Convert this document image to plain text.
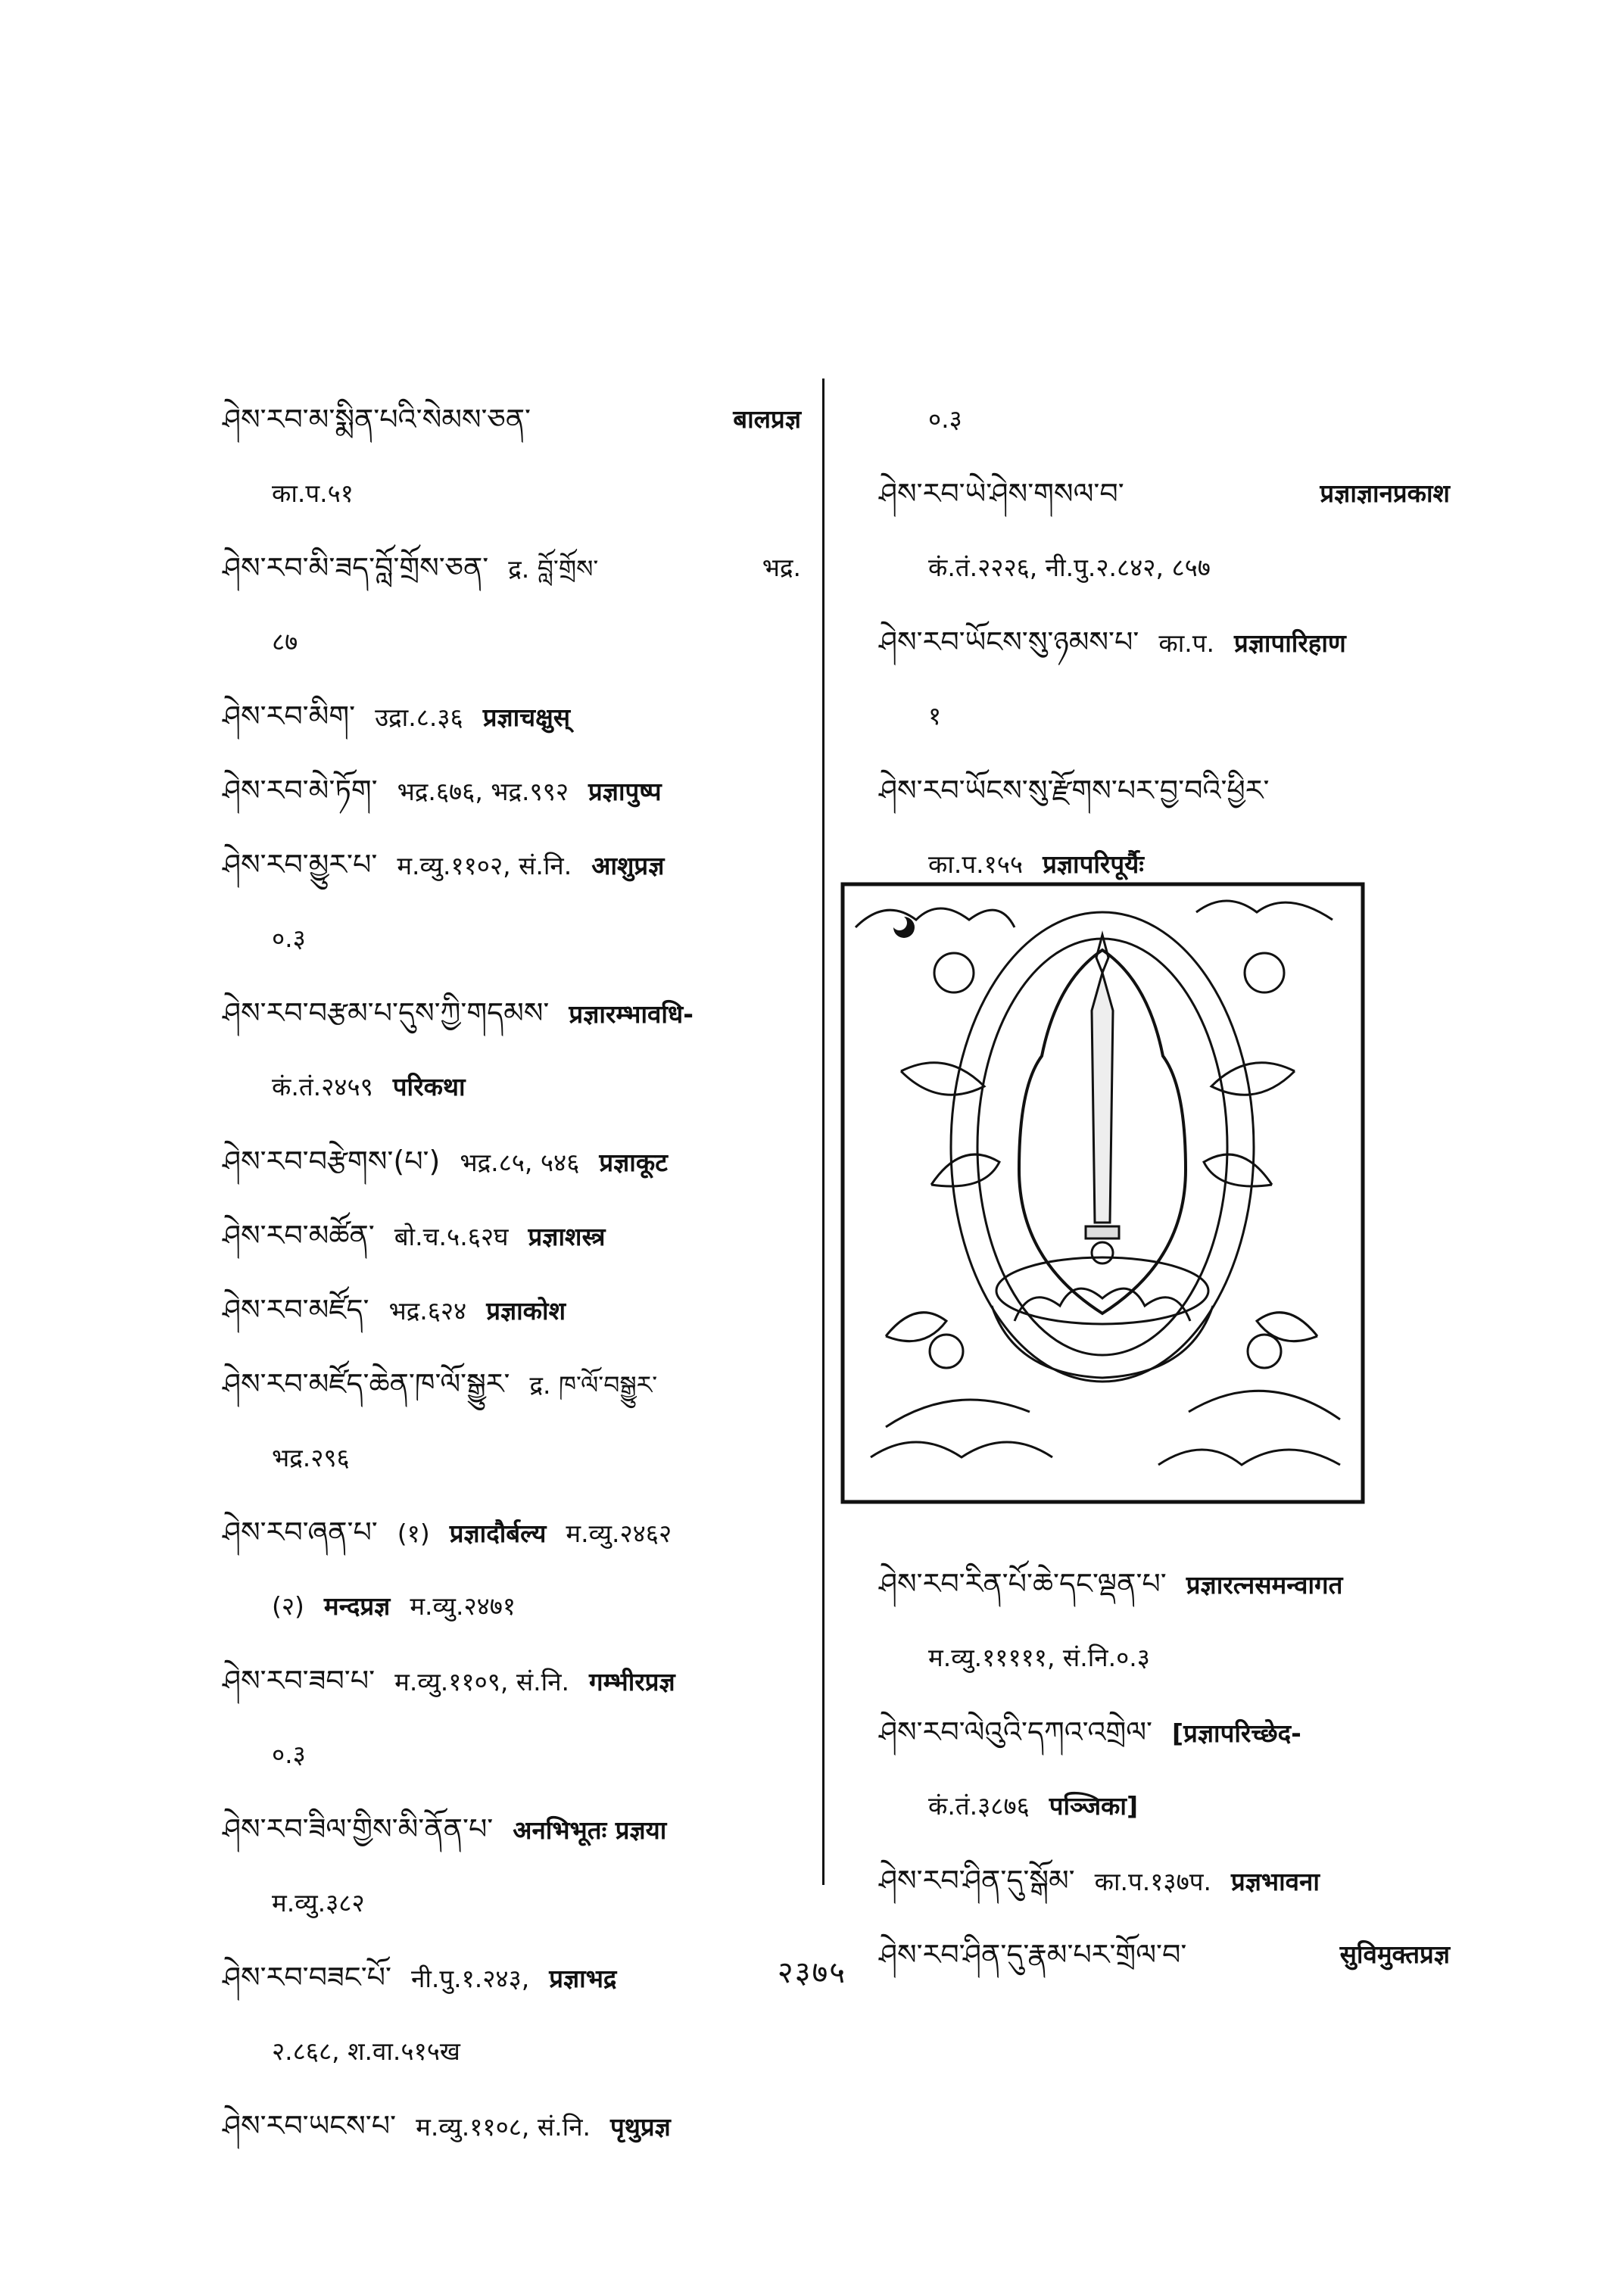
ཤེས་རབ་མ་སྨིན་པའི་སེམས་ཅན་	बालप्रज्ञ
का.प.५१
ཤེས་རབ་མི་ཟད་བློ་གྲོས་ཅན་ द्र. བློ་གྲོས་	भद्र.
८७
ཤེས་རབ་མིག་ उद्रा.८.३६ प्रज्ञाचक्षुस्
ཤེས་རབ་མེ་ཏོག་ भद्र.६७६, भद्र.९९२ प्रज्ञापुष्प
ཤེས་རབ་མྱུར་པ་ म.व्यु.११०२, सं.नि. आशुप्रज्ञ
०.३
ཤེས་རབ་བརྩམ་པ་དུས་ཀྱི་གདམས་ प्रज्ञारम्भावधि-
कं.तं.२४५९ परिकथा
ཤེས་རབ་བརྩེགས་(པ་) भद्र.८५, ५४६ प्रज्ञाकूट
ཤེས་རབ་མཚོན་ बो.च.५.६२घ प्रज्ञाशस्त्र
ཤེས་རབ་མཛོད་ भद्र.६२४ प्रज्ञाकोश
ཤེས་རབ་མཛོད་ཆེན་ཁ་ལོ་སྒྱུར་ द्र. ཁ་ལོ་བསྒྱུར་
भद्र.२९६
ཤེས་རབ་ཞན་པ་ (१) प्रज्ञादौर्बल्य म.व्यु.२४६२
(२) मन्दप्रज्ञ म.व्यु.२४७१
ཤེས་རབ་ཟབ་པ་ म.व्यु.११०९, सं.नि. गम्भीरप्रज्ञ
०.३
ཤེས་རབ་ཟིལ་གྱིས་མི་ནོན་པ་ अनभिभूतः प्रज्ञया
म.व्यु.३८२
ཤེས་རབ་བཟང་པོ་ नी.पु.१.२४३, प्रज्ञाभद्र
२.८६८, श.वा.५१५ख
ཤེས་རབ་ཡངས་པ་ म.व्यु.११०८, सं.नि. पृथुप्रज्ञ
०.३
ཤེས་རབ་ཡེ་ཤེས་གསལ་བ་	प्रज्ञाज्ञानप्रकाश
कं.तं.२२२६, नी.पु.२.८४२, ८५७
ཤེས་རབ་ཡོངས་སུ་ཉམས་པ་ का.प. प्रज्ञापारिहाण
१
ཤེས་རབ་ཡོངས་སུ་རྫོགས་པར་བྱ་བའི་ཕྱིར་
का.प.१५५ प्रज्ञापरिपूर्यैः
ཤེས་རབ་རིན་པོ་ཆེ་དང་ལྡན་པ་ प्रज्ञारत्नसमन्वागत
म.व्यु.१११११, सं.नि.०.३
ཤེས་རབ་ལེའུའི་དཀའ་འགྲེལ་ [प्रज्ञापरिच्छेद-
कं.तं.३८७६ पञ्जिका]
ཤེས་རབ་ཤིན་དུ་སྒོམ་ का.प.१३७प. प्रज्ञभावना
ཤེས་རབ་ཤིན་དུ་རྣམ་པར་གྲོལ་བ་	सुविमुक्तप्रज्ञ
२३७५
